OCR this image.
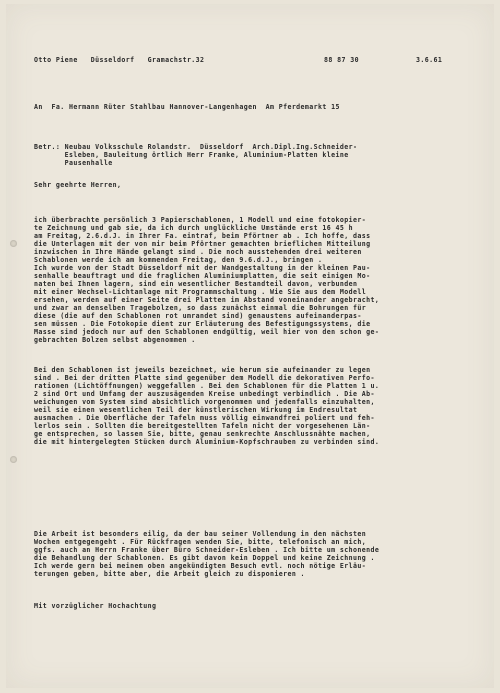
Otto Piene   Düsseldorf   Gramachstr.32	88 87 30	3.6.61
An  Fa. Hermann Rüter Stahlbau Hannover-Langenhagen  Am Pferdemarkt 15
Betr.: Neubau Volksschule Rolandstr.  Düsseldorf  Arch.Dipl.Ing.Schneider-
Esleben, Bauleitung örtlich Herr Franke, Aluminium-Platten kleine
Pausenhalle
Sehr geehrte Herren,
ich überbrachte persönlich 3 Papierschablonen, 1 Modell und eine fotokopier-
te Zeichnung und gab sie, da ich durch unglückliche Umstände erst 16 45 h
am Freitag, 2.6.d.J. in Ihrer Fa. eintraf, beim Pförtner ab . Ich hoffe, dass
die Unterlagen mit der von mir beim Pförtner gemachten brieflichen Mitteilung
inzwischen in Ihre Hände gelangt sind . Die noch ausstehenden drei weiteren
Schablonen werde ich am kommenden Freitag, den 9.6.d.J., bringen .
Ich wurde von der Stadt Düsseldorf mit der Wandgestaltung in der kleinen Pau-
senhalle beauftragt und die fraglichen Aluminiumplatten, die seit einigen Mo-
naten bei Ihnen lagern, sind ein wesentlicher Bestandteil davon, verbunden
mit einer Wechsel-Lichtanlage mit Programmschaltung . Wie Sie aus dem Modell
ersehen, werden auf einer Seite drei Platten im Abstand voneinander angebracht,
und zwar an denselben Tragebolzen, so dass zunächst einmal die Bohrungen für
diese (die auf den Schablonen rot umrandet sind) genaustens aufeinanderpas-
sen müssen . Die Fotokopie dient zur Erläuterung des Befestigungssystems, die
Masse sind jedoch nur auf den Schablonen endgültig, weil hier von den schon ge-
gebrachten Bolzen selbst abgenommen .
Bei den Schablonen ist jeweils bezeichnet, wie herum sie aufeinander zu legen
sind . Bei der dritten Platte sind gegenüber dem Modell die dekorativen Perfo-
rationen (Lichtöffnungen) weggefallen . Bei den Schablonen für die Platten 1 u.
2 sind Ort und Umfang der auszusägenden Kreise unbedingt verbindlich . Die Ab-
weichungen vom System sind absichtlich vorgenommen und jedenfalls einzuhalten,
weil sie einen wesentlichen Teil der künstlerischen Wirkung im Endresultat
ausmachen . Die Oberfläche der Tafeln muss völlig einwandfrei poliert und feh-
lerlos sein . Sollten die bereitgestellten Tafeln nicht der vorgesehenen Län-
ge entsprechen, so lassen Sie, bitte, genau senkrechte Anschlussnähte machen,
die mit hintergelegten Stücken durch Aluminium-Kopfschrauben zu verbinden sind.
Die Arbeit ist besonders eilig, da der bau seiner Vollendung in den nächsten
Wochen entgegengeht . Für Rückfragen wenden Sie, bitte, telefonisch an mich,
ggfs. auch an Herrn Franke über Büro Schneider-Esleben . Ich bitte um schonende
die Behandlung der Schablonen. Es gibt davon kein Doppel und keine Zeichnung .
Ich werde gern bei meinem oben angekündigten Besuch evtl. noch nötige Erläu-
terungen geben, bitte aber, die Arbeit gleich zu disponieren .
Mit vorzüglicher Hochachtung
